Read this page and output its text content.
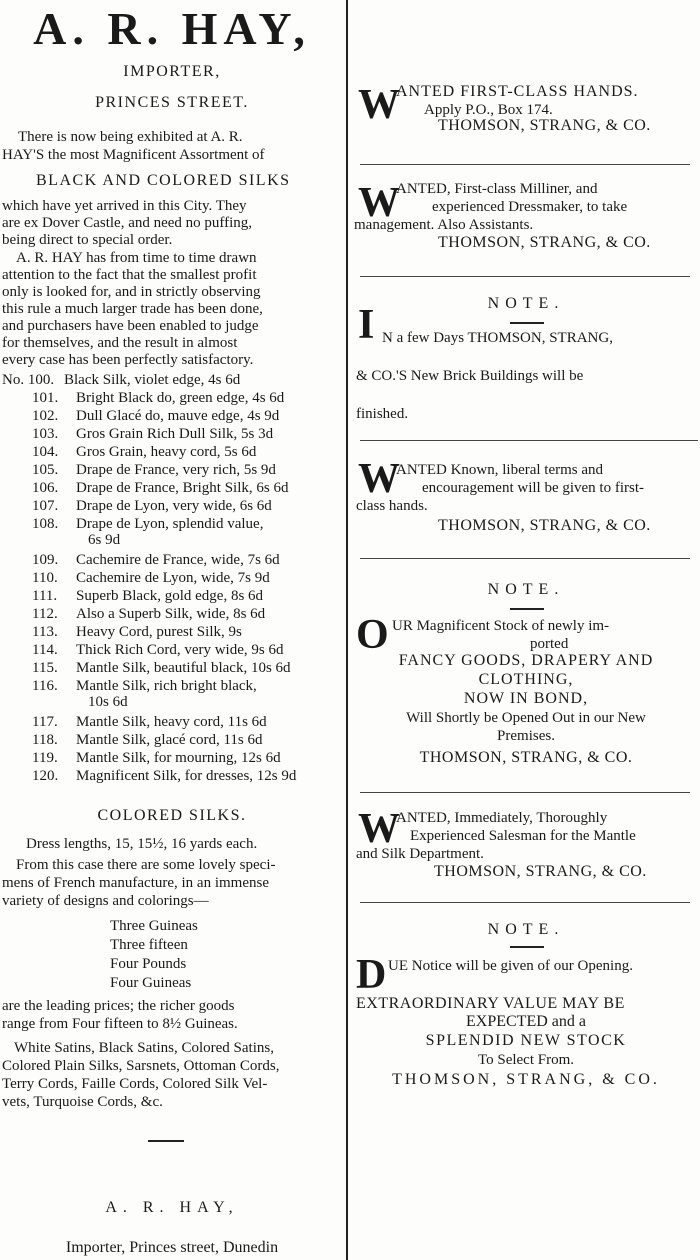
A. R. HAY,
IMPORTER,
PRINCES STREET.
There is now being exhibited at A. R.
HAY'S the most Magnificent Assortment of
BLACK AND COLORED SILKS
which have yet arrived in this City. They
are ex Dover Castle, and need no puffing,
being direct to special order.
A. R. HAY has from time to time drawn
attention to the fact that the smallest profit
only is looked for, and in strictly observing
this rule a much larger trade has been done,
and purchasers have been enabled to judge
for themselves, and the result in almost
every case has been perfectly satisfactory.
No. 100. Black Silk, violet edge, 4s 6d
101. Bright Black do, green edge, 4s 6d
102. Dull Glacé do, mauve edge, 4s 9d
103. Gros Grain Rich Dull Silk, 5s 3d
104. Gros Grain, heavy cord, 5s 6d
105. Drape de France, very rich, 5s 9d
106. Drape de France, Bright Silk, 6s 6d
107. Drape de Lyon, very wide, 6s 6d
108. Drape de Lyon, splendid value,
6s 9d
109. Cachemire de France, wide, 7s 6d
110. Cachemire de Lyon, wide, 7s 9d
111. Superb Black, gold edge, 8s 6d
112. Also a Superb Silk, wide, 8s 6d
113. Heavy Cord, purest Silk, 9s
114. Thick Rich Cord, very wide, 9s 6d
115. Mantle Silk, beautiful black, 10s 6d
116. Mantle Silk, rich bright black,
10s 6d
117. Mantle Silk, heavy cord, 11s 6d
118. Mantle Silk, glacé cord, 11s 6d
119. Mantle Silk, for mourning, 12s 6d
120. Magnificent Silk, for dresses, 12s 9d
COLORED SILKS.
Dress lengths, 15, 15½, 16 yards each.
From this case there are some lovely speci-
mens of French manufacture, in an immense
variety of designs and colorings—
Three Guineas
Three fifteen
Four Pounds
Four Guineas
are the leading prices; the richer goods
range from Four fifteen to 8½ Guineas.
White Satins, Black Satins, Colored Satins,
Colored Plain Silks, Sarsnets, Ottoman Cords,
Terry Cords, Faille Cords, Colored Silk Vel-
vets, Turquoise Cords, &c.
A. R. HAY,
Importer, Princes street, Dunedin
W
ANTED FIRST-CLASS HANDS.
Apply P.O., Box 174.
THOMSON, STRANG, & CO.
W
ANTED, First-class Milliner, and
experienced Dressmaker, to take
management. Also Assistants.
THOMSON, STRANG, & CO.
NOTE.
I N a few Days THOMSON, STRANG,
& CO.'S New Brick Buildings will be
finished.
W
ANTED Known, liberal terms and
encouragement will be given to first-
class hands.
THOMSON, STRANG, & CO.
NOTE.
O UR Magnificent Stock of newly im-
ported
FANCY GOODS, DRAPERY AND
CLOTHING,
NOW IN BOND,
Will Shortly be Opened Out in our New
Premises.
THOMSON, STRANG, & CO.
W
ANTED, Immediately, Thoroughly
Experienced Salesman for the Mantle
and Silk Department.
THOMSON, STRANG, & CO.
NOTE.
D UE Notice will be given of our Opening.
EXTRAORDINARY VALUE MAY BE
EXPECTED and a
SPLENDID NEW STOCK
To Select From.
THOMSON, STRANG, & CO.
